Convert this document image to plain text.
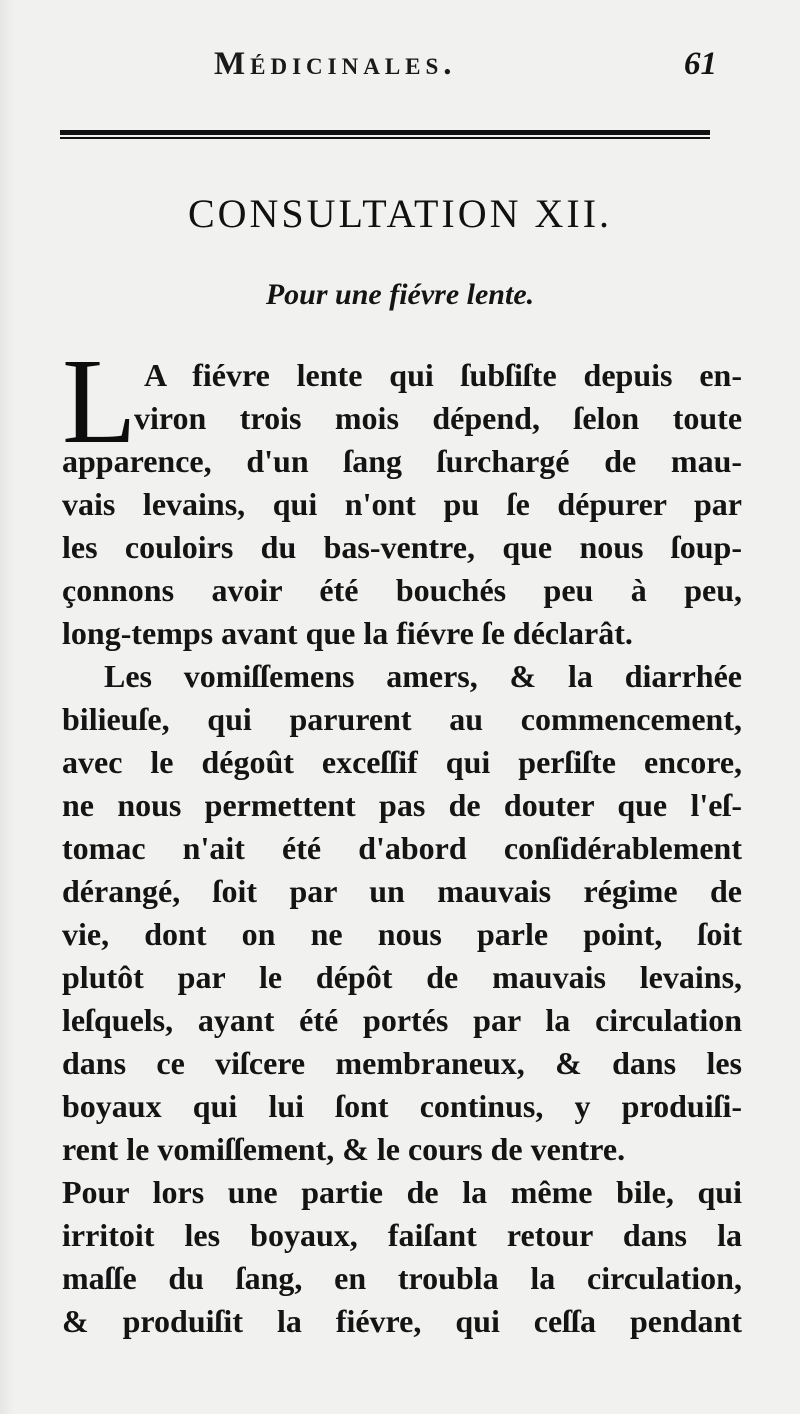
Médicinales.	61
CONSULTATION XII.
Pour une fiévre lente.
L A fiévre lente qui ſubſiſte depuis en-
viron trois mois dépend, ſelon toute
apparence, d'un ſang ſurchargé de mau-
vais levains, qui n'ont pu ſe dépurer par
les couloirs du bas-ventre, que nous ſoup-
çonnons avoir été bouchés peu à peu,
long-temps avant que la fiévre ſe déclarât.
Les vomiſſemens amers, & la diarrhée
bilieuſe, qui parurent au commencement,
avec le dégoût exceſſif qui perſiſte encore,
ne nous permettent pas de douter que l'eſ-
tomac n'ait été d'abord conſidérablement
dérangé, ſoit par un mauvais régime de
vie, dont on ne nous parle point, ſoit
plutôt par le dépôt de mauvais levains,
leſquels, ayant été portés par la circulation
dans ce viſcere membraneux, & dans les
boyaux qui lui ſont continus, y produiſi-
rent le vomiſſement, & le cours de ventre.
Pour lors une partie de la même bile, qui
irritoit les boyaux, faiſant retour dans la
maſſe du ſang, en troubla la circulation,
& produiſit la fiévre, qui ceſſa pendant
